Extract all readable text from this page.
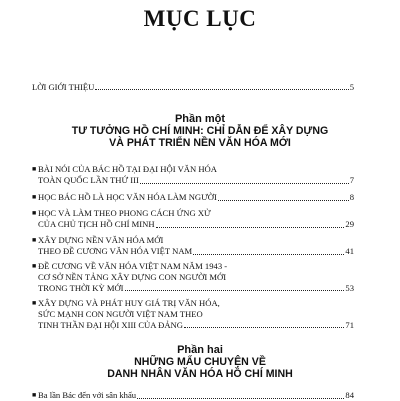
MỤC LỤC
LỜI GIỚI THIỆU	5
Phần một
TƯ TƯỞNG HỒ CHÍ MINH: CHỈ DẪN ĐỂ XÂY DỰNG
VÀ PHÁT TRIỂN NỀN VĂN HÓA MỚI
■ BÀI NÓI CỦA BÁC HỒ TẠI ĐẠI HỘI VĂN HÓA
TOÀN QUỐC LẦN THỨ III	7
■ HỌC BÁC HỒ LÀ HỌC VĂN HÓA LÀM NGƯỜI	8
■ HỌC VÀ LÀM THEO PHONG CÁCH ỨNG XỬ
CỦA CHỦ TỊCH HỒ CHÍ MINH	29
■ XÂY DỰNG NỀN VĂN HÓA MỚI
THEO ĐỀ CƯƠNG VĂN HÓA VIỆT NAM	41
■ ĐỀ CƯƠNG VỀ VĂN HÓA VIỆT NAM NĂM 1943 -
CƠ SỞ NỀN TẢNG XÂY DỰNG CON NGƯỜI MỚI
TRONG THỜI KỲ MỚI	53
■ XÂY DỰNG VÀ PHÁT HUY GIÁ TRỊ VĂN HÓA,
SỨC MẠNH CON NGƯỜI VIỆT NAM THEO
TINH THẦN ĐẠI HỘI XIII CỦA ĐẢNG	71
Phần hai
NHỮNG MẨU CHUYỆN VỀ
DANH NHÂN VĂN HÓA HỒ CHÍ MINH
■ Ba lần Bác đến với sân khấu	84
